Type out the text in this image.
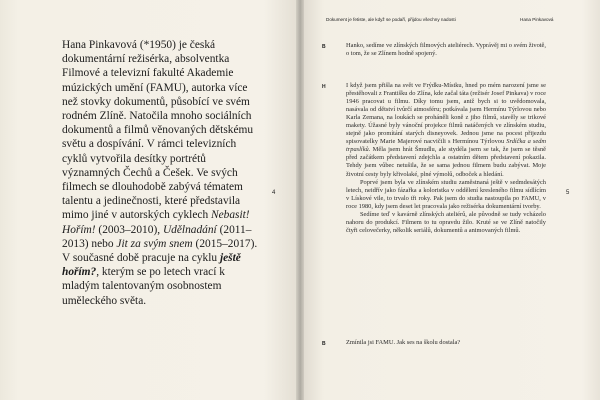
Hana Pinkavová (*1950) je česká dokumentární režisérka, absolventka Filmové a televizní fakulté Akademie múzických umění (FAMU), autorka více než stovky dokumentů, působící ve svém rodném Zlíně. Natočila mnoho sociálních dokumentů a filmů věnovaných dětskému světu a dospívání. V rámci televizních cyklů vytvořila desítky portrétů významných Čechů a Češek. Ve svých filmech se dlouhodobě zabývá tématem talentu a jedinečnosti, které představila mimo jiné v autorských cyklech Nebasit! Hořím! (2003–2010), Udělnadání (2011–2013) nebo Jit za svým snem (2015–2017). V současné době pracuje na cyklu ještě hořím?, kterým se po letech vrací k mladým talentovaným osobnostem uměleckého světa.
4
Dokument je fetiste, ale když se podaří, přijdou všechny nadosti	Hana Pinkavová
B	Hanko, sedíme ve zlínských filmových ateliérech. Vyprávěj mi o svém životě, o tom, že se Zlínem hodně spojený.

H	I když jsem přišla na svět ve Frýdku-Místku, hned po mém narození jsme se přestěhovali z Františku do Zlína, kde začal táta (režisér Josef Pinkava) v roce 1946 pracovat u filmu. Díky tomu jsem, aniž bych si to uvědomovala, nasávala od dětství tvůrčí atmosféru; potkávala jsem Hermínu Týrlovou nebo Karla Zemana, na loukách se proháněli koně z jiho filmů, stavěly se trikové makety. Úžasné byly vánoční projekce filmů natáčených ve zlínském studiu, stejně jako promítání starých disneyovek. Jednou jsme na pocest přijezdu spisovatelky Marie Majerové nacvičili s Hermínou Týrlovou Srdíčka a sedm trpaslíků. Měla jsem hrát Šmudlu, ale stydéla jsem se tak, že jsem se těsně před začátkem představení zdejchla a ostatním dětem představení pokazila. Tehdy jsem vůbec netušila, že se sama jednou filmem budu zabývat. Moje životní cesty byly křivolaké, plné výmolů, odboček a hledání.

Poprvé jsem byla ve zlínském studiu zaměstnaná ještě v sedmdesátých letech, neidřív jako fázařka a koloristka v oddělení kresleného filmu sídlícím v Lískové vile, to trvalo tři roky. Pak jsem do studia nastoupila po FAMU, v roce 1980, kdy jsem deset let pracovala jako režisérka dokumentární tvorby.

Sedíme teď v kavárně zlínských ateliérů, ale původně se tudy vcházelo nahoru do produkcí. Filmem to tu opravdu žilo. Kruté se ve Zlíně natočily čtyři celovečerky, několik seriálů, dokumentů a animovaných filmů.

B	Zmínila jsi FAMU. Jak ses na školu dostala?

5
